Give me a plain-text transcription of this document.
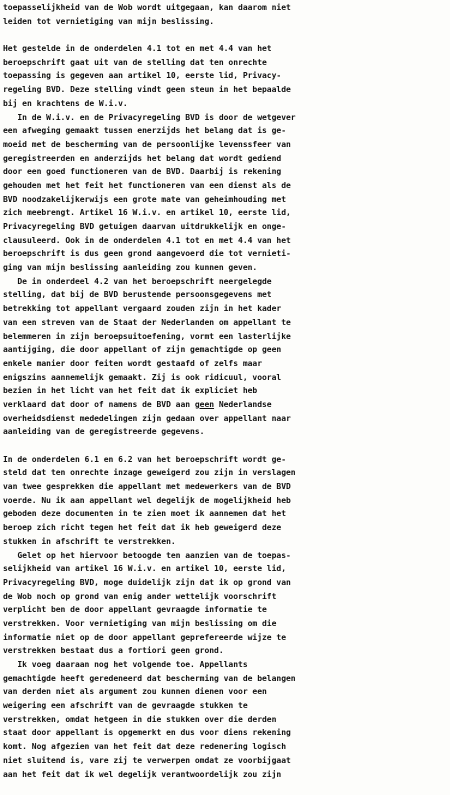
toepasselijkheid van de Wob wordt uitgegaan, kan daarom niet
leiden tot vernietiging van mijn beslissing.
Het gestelde in de onderdelen 4.1 tot en met 4.4 van het
beroepschrift gaat uit van de stelling dat ten onrechte
toepassing is gegeven aan artikel 10, eerste lid, Privacy-
regeling BVD. Deze stelling vindt geen steun in het bepaalde
bij en krachtens de W.i.v.
In de W.i.v. en de Privacyregeling BVD is door de wetgever
een afweging gemaakt tussen enerzijds het belang dat is ge-
moeid met de bescherming van de persoonlijke levenssfeer van
geregistreerden en anderzijds het belang dat wordt gediend
door een goed functioneren van de BVD. Daarbij is rekening
gehouden met het feit het functioneren van een dienst als de
BVD noodzakelijkerwijs een grote mate van geheimhouding met
zich meebrengt. Artikel 16 W.i.v. en artikel 10, eerste lid,
Privacyregeling BVD getuigen daarvan uitdrukkelijk en onge-
clausuleerd. Ook in de onderdelen 4.1 tot en met 4.4 van het
beroepschrift is dus geen grond aangevoerd die tot vernieti-
ging van mijn beslissing aanleiding zou kunnen geven.
De in onderdeel 4.2 van het beroepschrift neergelegde
stelling, dat bij de BVD berustende persoonsgegevens met
betrekking tot appellant vergaard zouden zijn in het kader
van een streven van de Staat der Nederlanden om appellant te
belemmeren in zijn beroepsuitoefening, vormt een lasterlijke
aantijging, die door appellant of zijn gemachtigde op geen
enkele manier door feiten wordt gestaafd of zelfs maar
enigszins aannemelijk gemaakt. Zij is ook ridicuul, vooral
bezien in het licht van het feit dat ik expliciet heb
verklaard dat door of namens de BVD aan geen Nederlandse
overheidsdienst mededelingen zijn gedaan over appellant naar
aanleiding van de geregistreerde gegevens.
In de onderdelen 6.1 en 6.2 van het beroepschrift wordt ge-
steld dat ten onrechte inzage geweigerd zou zijn in verslagen
van twee gesprekken die appellant met medewerkers van de BVD
voerde. Nu ik aan appellant wel degelijk de mogelijkheid heb
geboden deze documenten in te zien moet ik aannemen dat het
beroep zich richt tegen het feit dat ik heb geweigerd deze
stukken in afschrift te verstrekken.
Gelet op het hiervoor betoogde ten aanzien van de toepas-
selijkheid van artikel 16 W.i.v. en artikel 10, eerste lid,
Privacyregeling BVD, moge duidelijk zijn dat ik op grond van
de Wob noch op grond van enig ander wettelijk voorschrift
verplicht ben de door appellant gevraagde informatie te
verstrekken. Voor vernietiging van mijn beslissing om die
informatie niet op de door appellant geprefereerde wijze te
verstrekken bestaat dus a fortiori geen grond.
Ik voeg daaraan nog het volgende toe. Appellants
gemachtigde heeft geredeneerd dat bescherming van de belangen
van derden niet als argument zou kunnen dienen voor een
weigering een afschrift van de gevraagde stukken te
verstrekken, omdat hetgeen in die stukken over die derden
staat door appellant is opgemerkt en dus voor diens rekening
komt. Nog afgezien van het feit dat deze redenering logisch
niet sluitend is, vare zij te verwerpen omdat ze voorbijgaat
aan het feit dat ik wel degelijk verantwoordelijk zou zijn
